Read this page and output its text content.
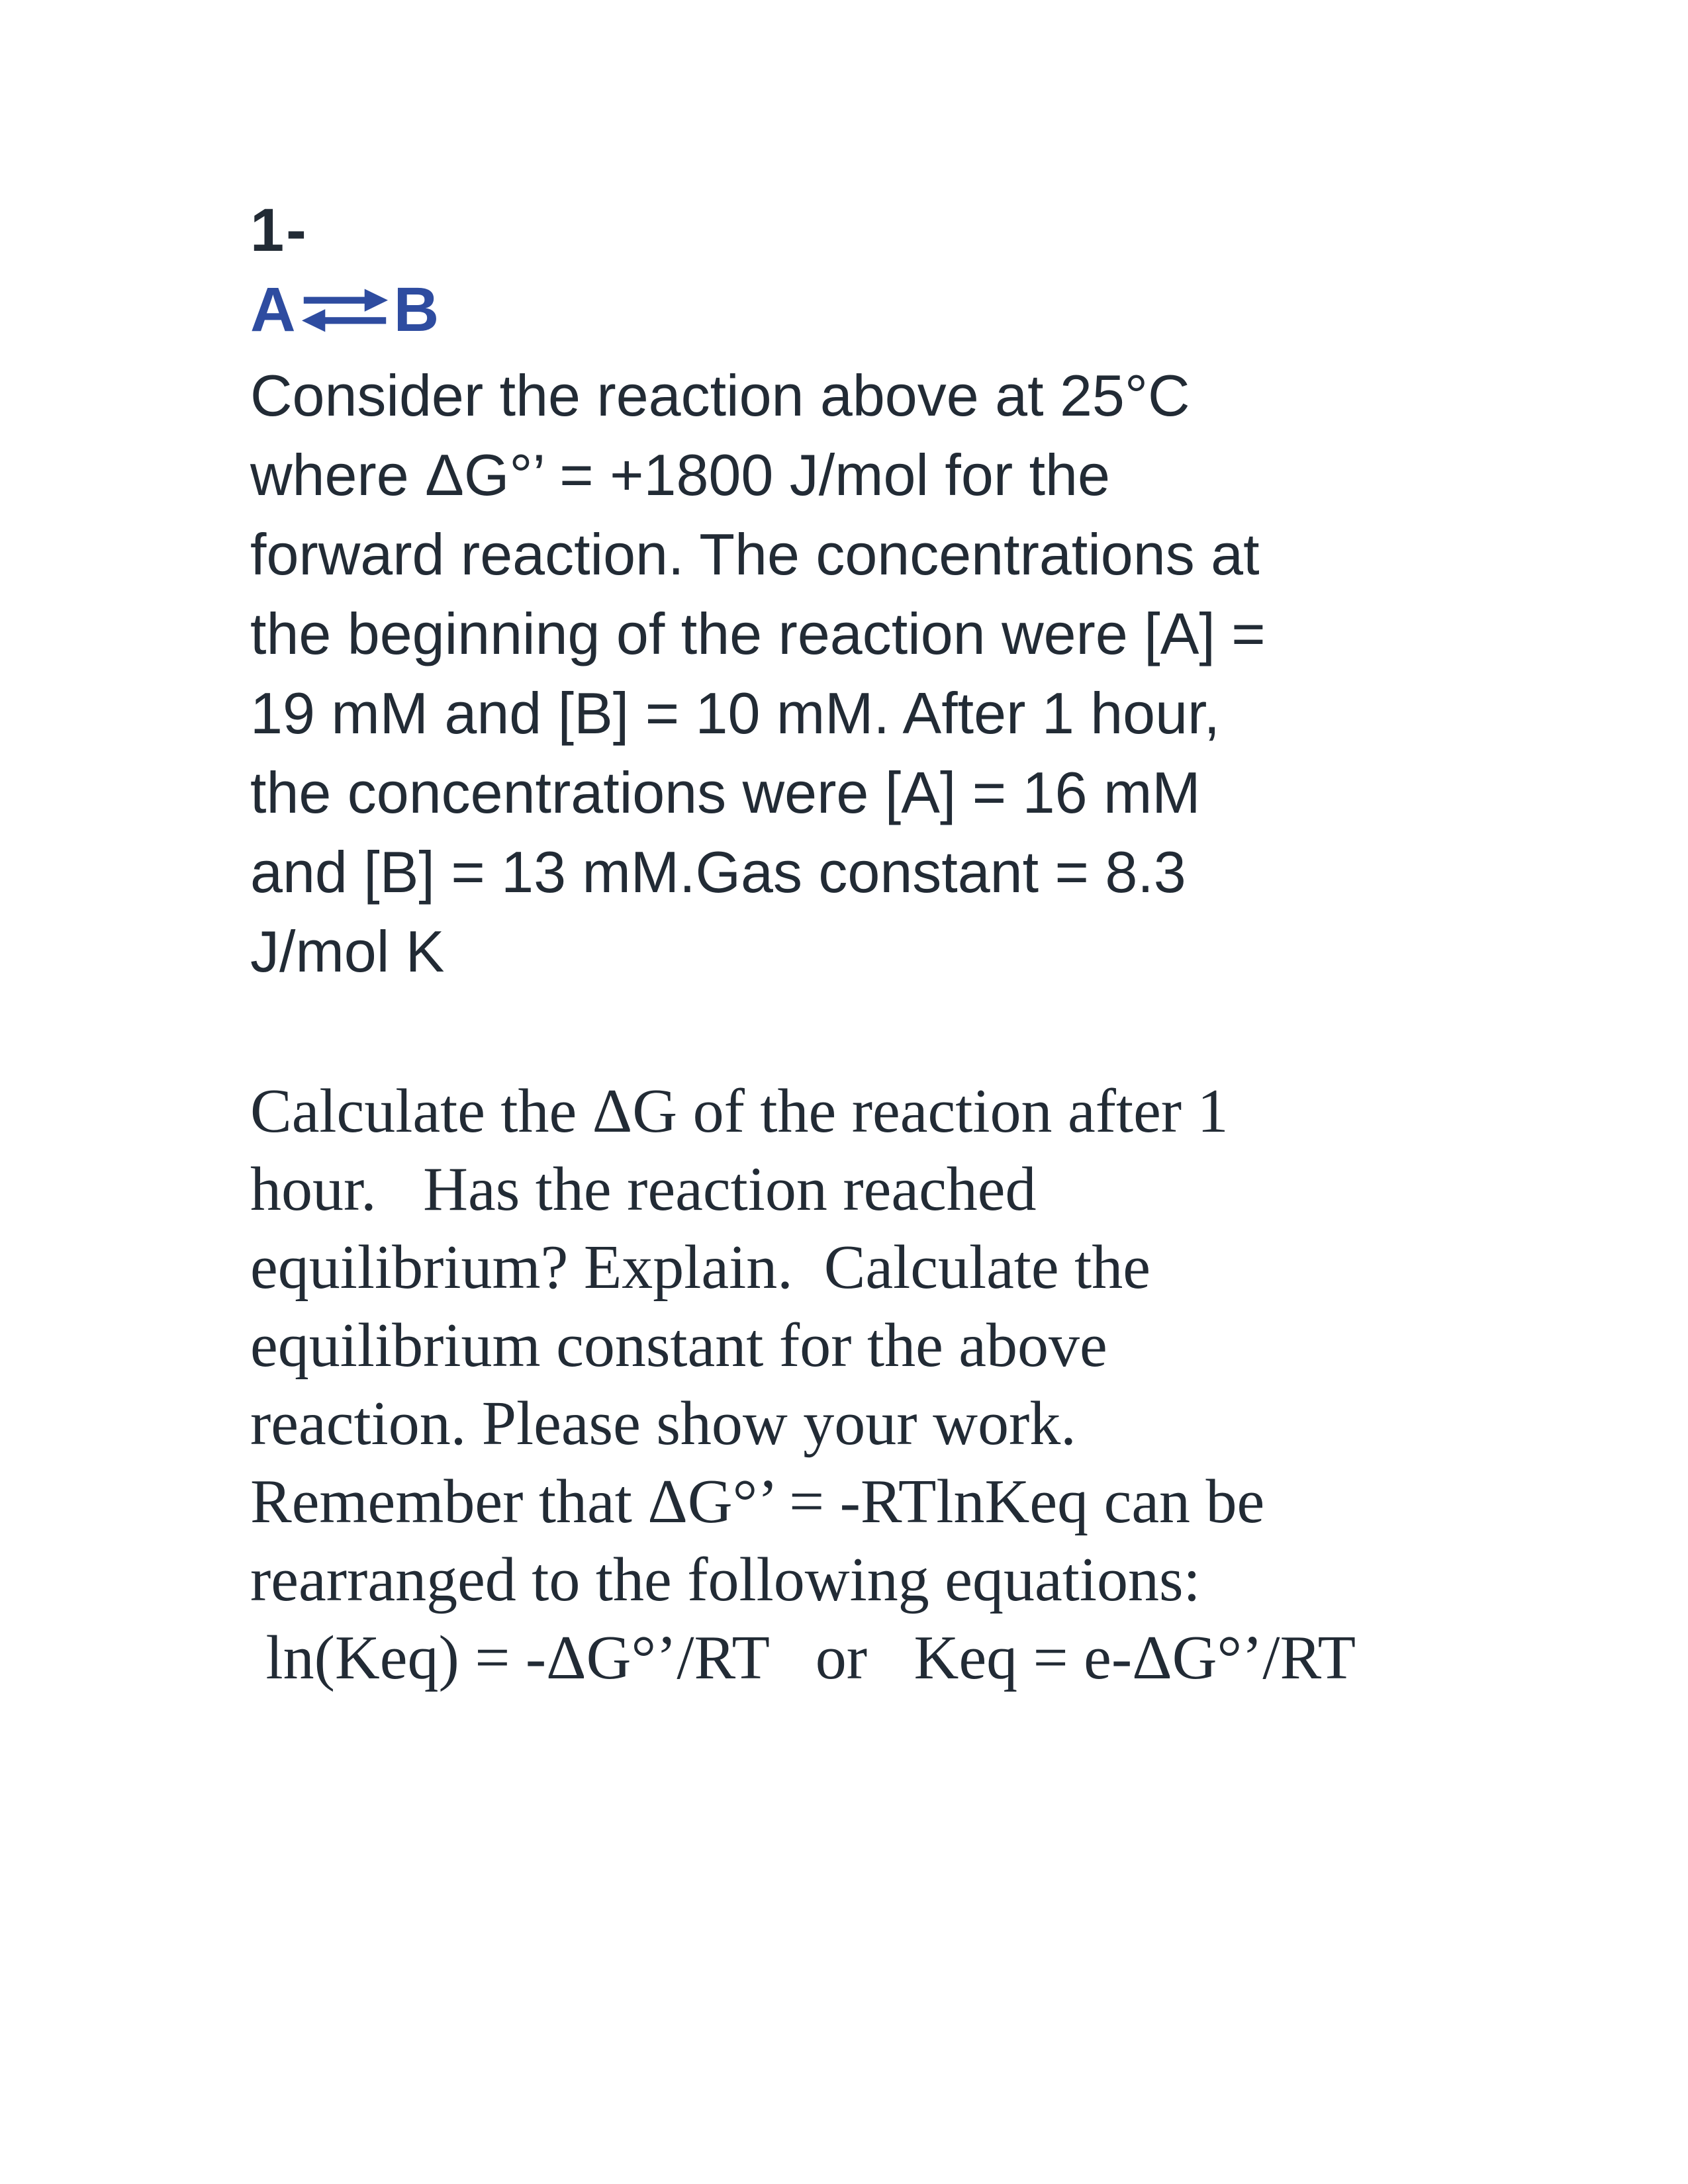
1-
A B
Consider the reaction above at 25°C
where ΔG°’ = +1800 J/mol for the
forward reaction. The concentrations at
the beginning of the reaction were [A] =
19 mM and [B] = 10 mM. After 1 hour,
the concentrations were [A] = 16 mM
and [B] = 13 mM.Gas constant = 8.3
J/mol K
Calculate the ΔG of the reaction after 1
hour.   Has the reaction reached
equilibrium? Explain.  Calculate the
equilibrium constant for the above
reaction. Please show your work.
Remember that ΔG°’ = -RTlnKeq can be
rearranged to the following equations:
ln(Keq) = -ΔG°’/RT   or   Keq = e-ΔG°’/RT
